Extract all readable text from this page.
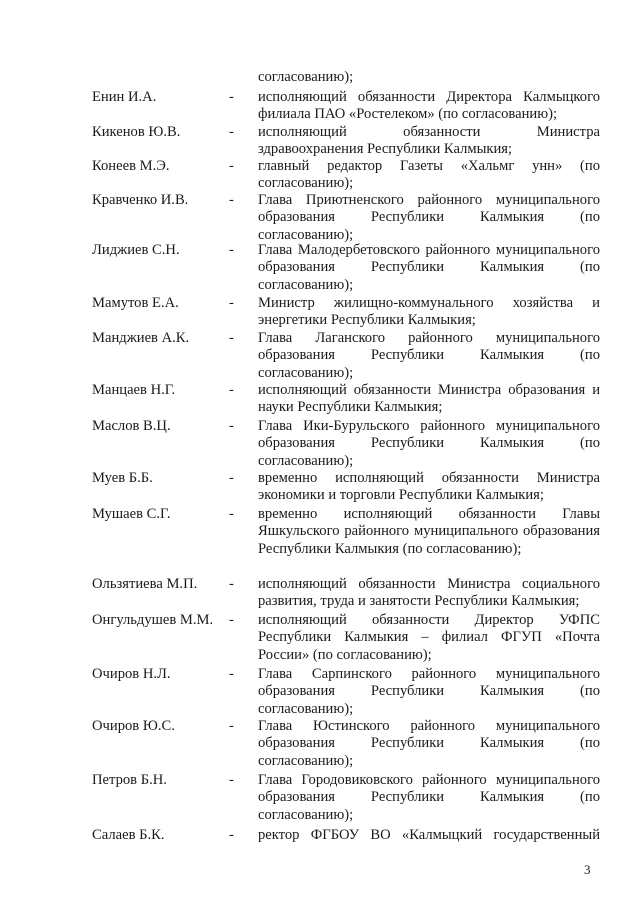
согласованию);
Енин И.А.	- исполняющий обязанности Директора Калмыцкого филиала ПАО «Ростелеком» (по согласованию);
Кикенов Ю.В.	- исполняющий обязанности Министра здравоохранения Республики Калмыкия;
Конеев М.Э.	- главный редактор Газеты «Хальмг унн» (по согласованию);
Кравченко И.В.	- Глава Приютненского районного муниципального образования Республики Калмыкия (по согласованию);
Лиджиев С.Н.	- Глава Малодербетовского районного муниципального образования Республики Калмыкия (по согласованию);
Мамутов Е.А.	- Министр жилищно-коммунального хозяйства и энергетики Республики Калмыкия;
Манджиев А.К.	- Глава Лаганского районного муниципального образования Республики Калмыкия (по согласованию);
Манцаев Н.Г.	- исполняющий обязанности Министра образования и науки Республики Калмыкия;
Маслов В.Ц.	- Глава Ики-Бурульского районного муниципального образования Республики Калмыкия (по согласованию);
Муев Б.Б.	- временно исполняющий обязанности Министра экономики и торговли Республики Калмыкия;
Мушаев С.Г.	- временно исполняющий обязанности Главы Яшкульского районного муниципального образования Республики Калмыкия (по согласованию);
Ользятиева М.П. - исполняющий обязанности Министра социального развития, труда и занятости Республики Калмыкия;
Онгульдушев М.М. - исполняющий обязанности Директор УФПС Республики Калмыкия – филиал ФГУП «Почта России» (по согласованию);
Очиров Н.Л.	- Глава Сарпинского районного муниципального образования Республики Калмыкия (по согласованию);
Очиров Ю.С.	- Глава Юстинского районного муниципального образования Республики Калмыкия (по согласованию);
Петров Б.Н.	- Глава Городовиковского районного муниципального образования Республики Калмыкия (по согласованию);
Салаев Б.К.	- ректор ФГБОУ ВО «Калмыцкий государственный
3
